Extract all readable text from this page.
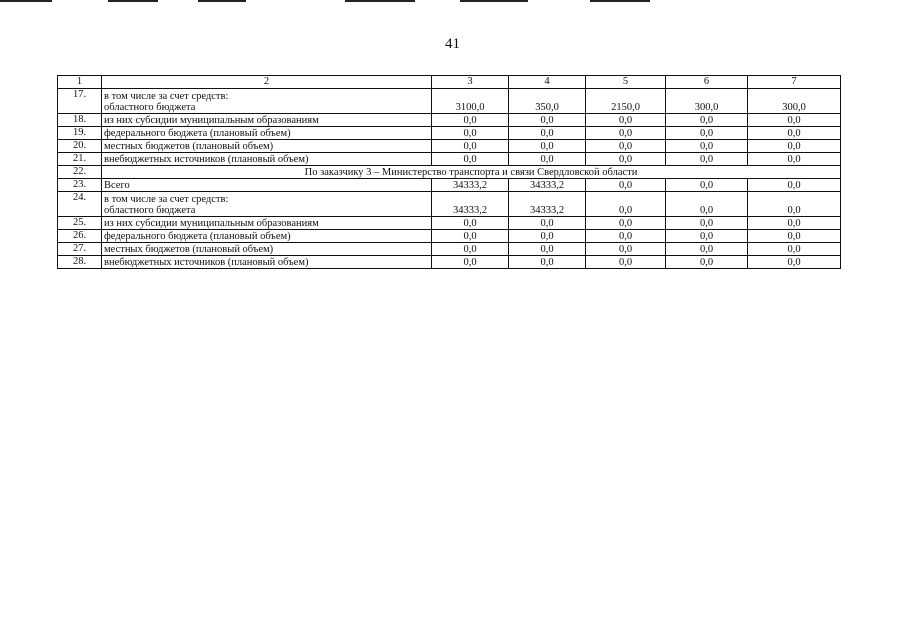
41
1	2	3	4	5	6	7
17.	в том числе за счет средств:
областного бюджета	3100,0	350,0	2150,0	300,0	300,0
18.	из них субсидии муниципальным образованиям	0,0	0,0	0,0	0,0	0,0
19.	федерального бюджета (плановый объем)	0,0	0,0	0,0	0,0	0,0
20.	местных бюджетов (плановый объем)	0,0	0,0	0,0	0,0	0,0
21.	внебюджетных источников (плановый объем)	0,0	0,0	0,0	0,0	0,0
22.	По заказчику 3 – Министерство транспорта и связи Свердловской области					
23.	Всего	34333,2	34333,2	0,0	0,0	0,0
24.	в том числе за счет средств:
областного бюджета	34333,2	34333,2	0,0	0,0	0,0
25.	из них субсидии муниципальным образованиям	0,0	0,0	0,0	0,0	0,0
26.	федерального бюджета (плановый объем)	0,0	0,0	0,0	0,0	0,0
27.	местных бюджетов (плановый объем)	0,0	0,0	0,0	0,0	0,0
28.	внебюджетных источников (плановый объем)	0,0	0,0	0,0	0,0	0,0
